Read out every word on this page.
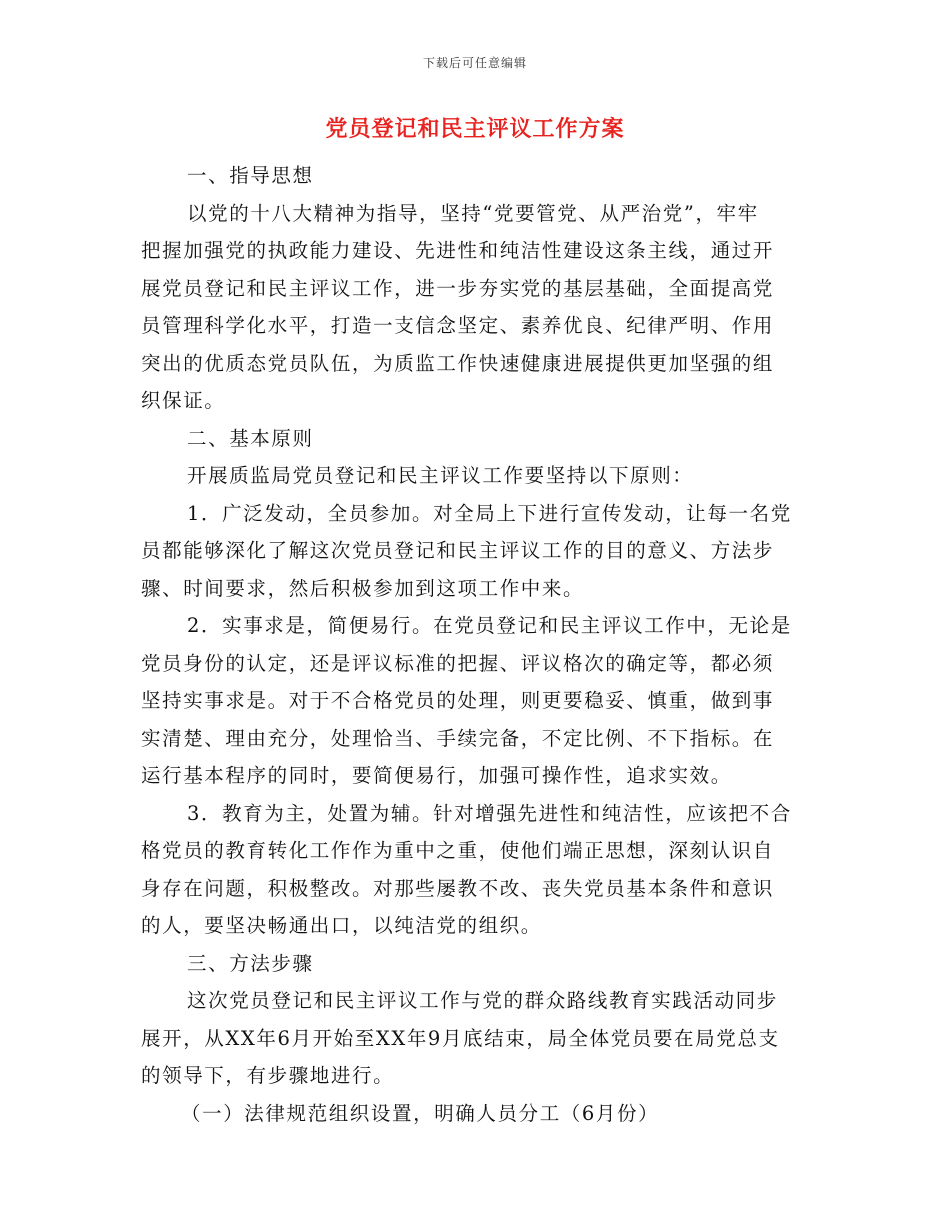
下载后可任意编辑
党员登记和民主评议工作方案
一、指导思想
以党的十八大精神为指导，坚持“党要管党、从严治党”，牢牢
把握加强党的执政能力建设、先进性和纯洁性建设这条主线，通过开
展党员登记和民主评议工作，进一步夯实党的基层基础，全面提高党
员管理科学化水平，打造一支信念坚定、素养优良、纪律严明、作用
突出的优质态党员队伍，为质监工作快速健康进展提供更加坚强的组
织保证。
二、基本原则
开展质监局党员登记和民主评议工作要坚持以下原则：
1．广泛发动，全员参加。对全局上下进行宣传发动，让每一名党
员都能够深化了解这次党员登记和民主评议工作的目的意义、方法步
骤、时间要求，然后积极参加到这项工作中来。
2．实事求是，简便易行。在党员登记和民主评议工作中，无论是
党员身份的认定，还是评议标准的把握、评议格次的确定等，都必须
坚持实事求是。对于不合格党员的处理，则更要稳妥、慎重，做到事
实清楚、理由充分，处理恰当、手续完备，不定比例、不下指标。在
运行基本程序的同时，要简便易行，加强可操作性，追求实效。
3．教育为主，处置为辅。针对增强先进性和纯洁性，应该把不合
格党员的教育转化工作作为重中之重，使他们端正思想，深刻认识自
身存在问题，积极整改。对那些屡教不改、丧失党员基本条件和意识
的人，要坚决畅通出口，以纯洁党的组织。
三、方法步骤
这次党员登记和民主评议工作与党的群众路线教育实践活动同步
展开，从XX年6月开始至XX年9月底结束，局全体党员要在局党总支
的领导下，有步骤地进行。
（一）法律规范组织设置，明确人员分工（6月份）
